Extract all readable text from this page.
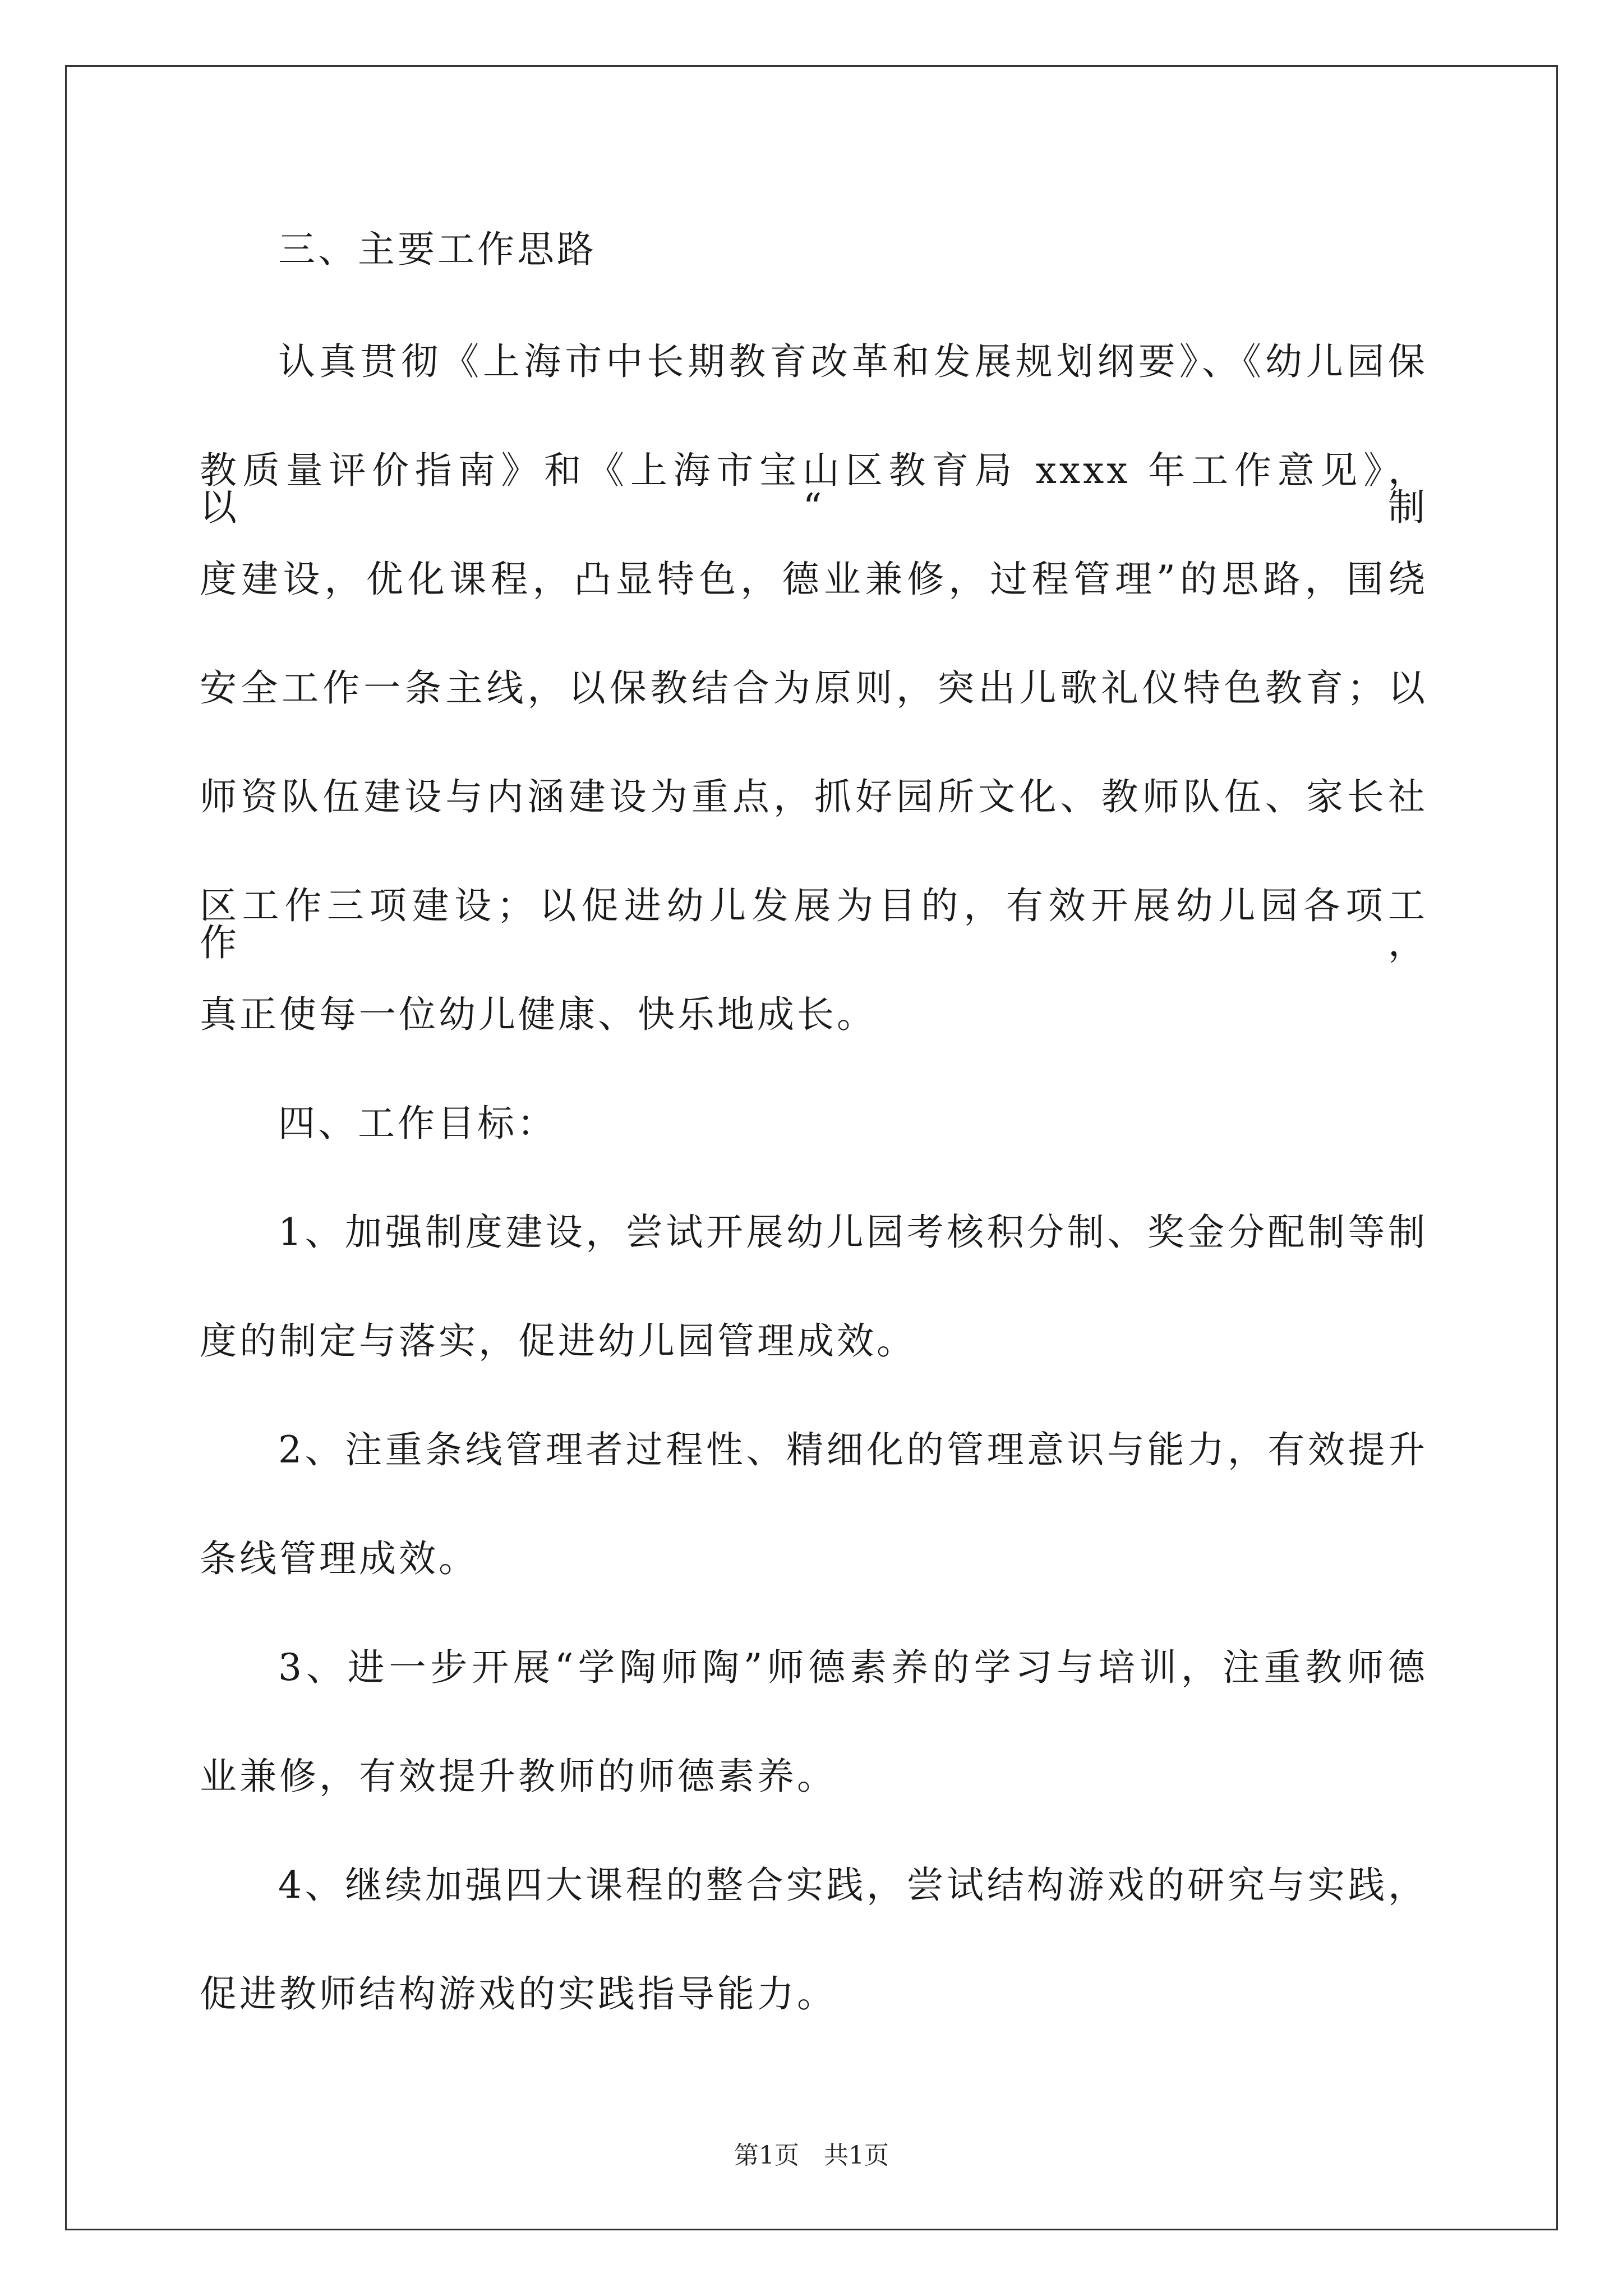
三、主要工作思路
认真贯彻《上海市中长期教育改革和发展规划纲要》、《幼儿园保
教质量评价指南》和《上海市宝山区教育局 xxxx 年工作意见》，以“制
度建设，优化课程，凸显特色，德业兼修，过程管理”的思路，围绕
安全工作一条主线，以保教结合为原则，突出儿歌礼仪特色教育；以
师资队伍建设与内涵建设为重点，抓好园所文化、教师队伍、家长社
区工作三项建设；以促进幼儿发展为目的，有效开展幼儿园各项工作，
真正使每一位幼儿健康、快乐地成长。
四、工作目标：
1、加强制度建设，尝试开展幼儿园考核积分制、奖金分配制等制
度的制定与落实，促进幼儿园管理成效。
2、注重条线管理者过程性、精细化的管理意识与能力，有效提升
条线管理成效。
3、进一步开展“学陶师陶”师德素养的学习与培训，注重教师德
业兼修，有效提升教师的师德素养。
4、继续加强四大课程的整合实践，尝试结构游戏的研究与实践，
促进教师结构游戏的实践指导能力。
第1页 共1页
